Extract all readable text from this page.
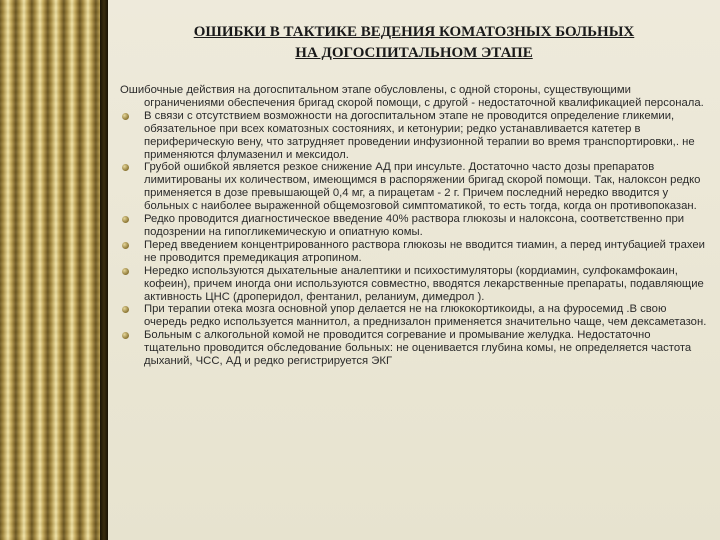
ОШИБКИ В ТАКТИКЕ ВЕДЕНИЯ КОМАТОЗНЫХ БОЛЬНЫХ
НА ДОГОСПИТАЛЬНОМ ЭТАПЕ
Ошибочные действия на догоспитальном этапе обусловлены, с одной стороны, существующими ограничениями обеспечения бригад скорой помощи, с другой - недостаточной квалификацией персонала.
В связи с отсутствием возможности на догоспитальном этапе не проводится определение гликемии, обязательное при всех коматозных состояниях, и кетонурии; редко устанавливается катетер в периферическую вену, что затрудняет проведении инфузионной терапии во время транспортировки,. не применяются флумазенил и мексидол.
Грубой ошибкой является резкое снижение АД при инсульте. Достаточно часто дозы препаратов лимитированы их количеством, имеющимся в распоряжении бригад скорой помощи. Так, налоксон редко применяется в дозе превышающей 0,4 мг, а пирацетам - 2 г. Причем последний нередко вводится у больных с наиболее выраженной общемозговой симптоматикой, то есть тогда, когда он противопоказан.
Редко проводится диагностическое введение 40% раствора глюкозы и налоксона, соответственно при подозрении на гипогликемическую и опиатную комы.
Перед введением концентрированного раствора глюкозы не вводится тиамин, а перед интубацией трахеи не проводится премедикация атропином.
Нередко используются дыхательные аналептики и психостимуляторы (кордиамин, сулфокамфокаин, кофеин), причем иногда они используются совместно, вводятся лекарственные препараты, подавляющие активность ЦНС (дроперидол, фентанил, реланиум, димедрол ).
При терапии отека мозга основной упор делается не на глюкокортикоиды, а на фуросемид .В свою очередь редко используется маннитол, а преднизалон применяется значительно чаще, чем дексаметазон.
Больным с алкогольной комой не проводится согревание и промывание желудка. Недостаточно тщательно проводится обследование больных: не оценивается глубина комы, не определяется частота дыханий, ЧСС, АД и редко регистрируется ЭКГ
